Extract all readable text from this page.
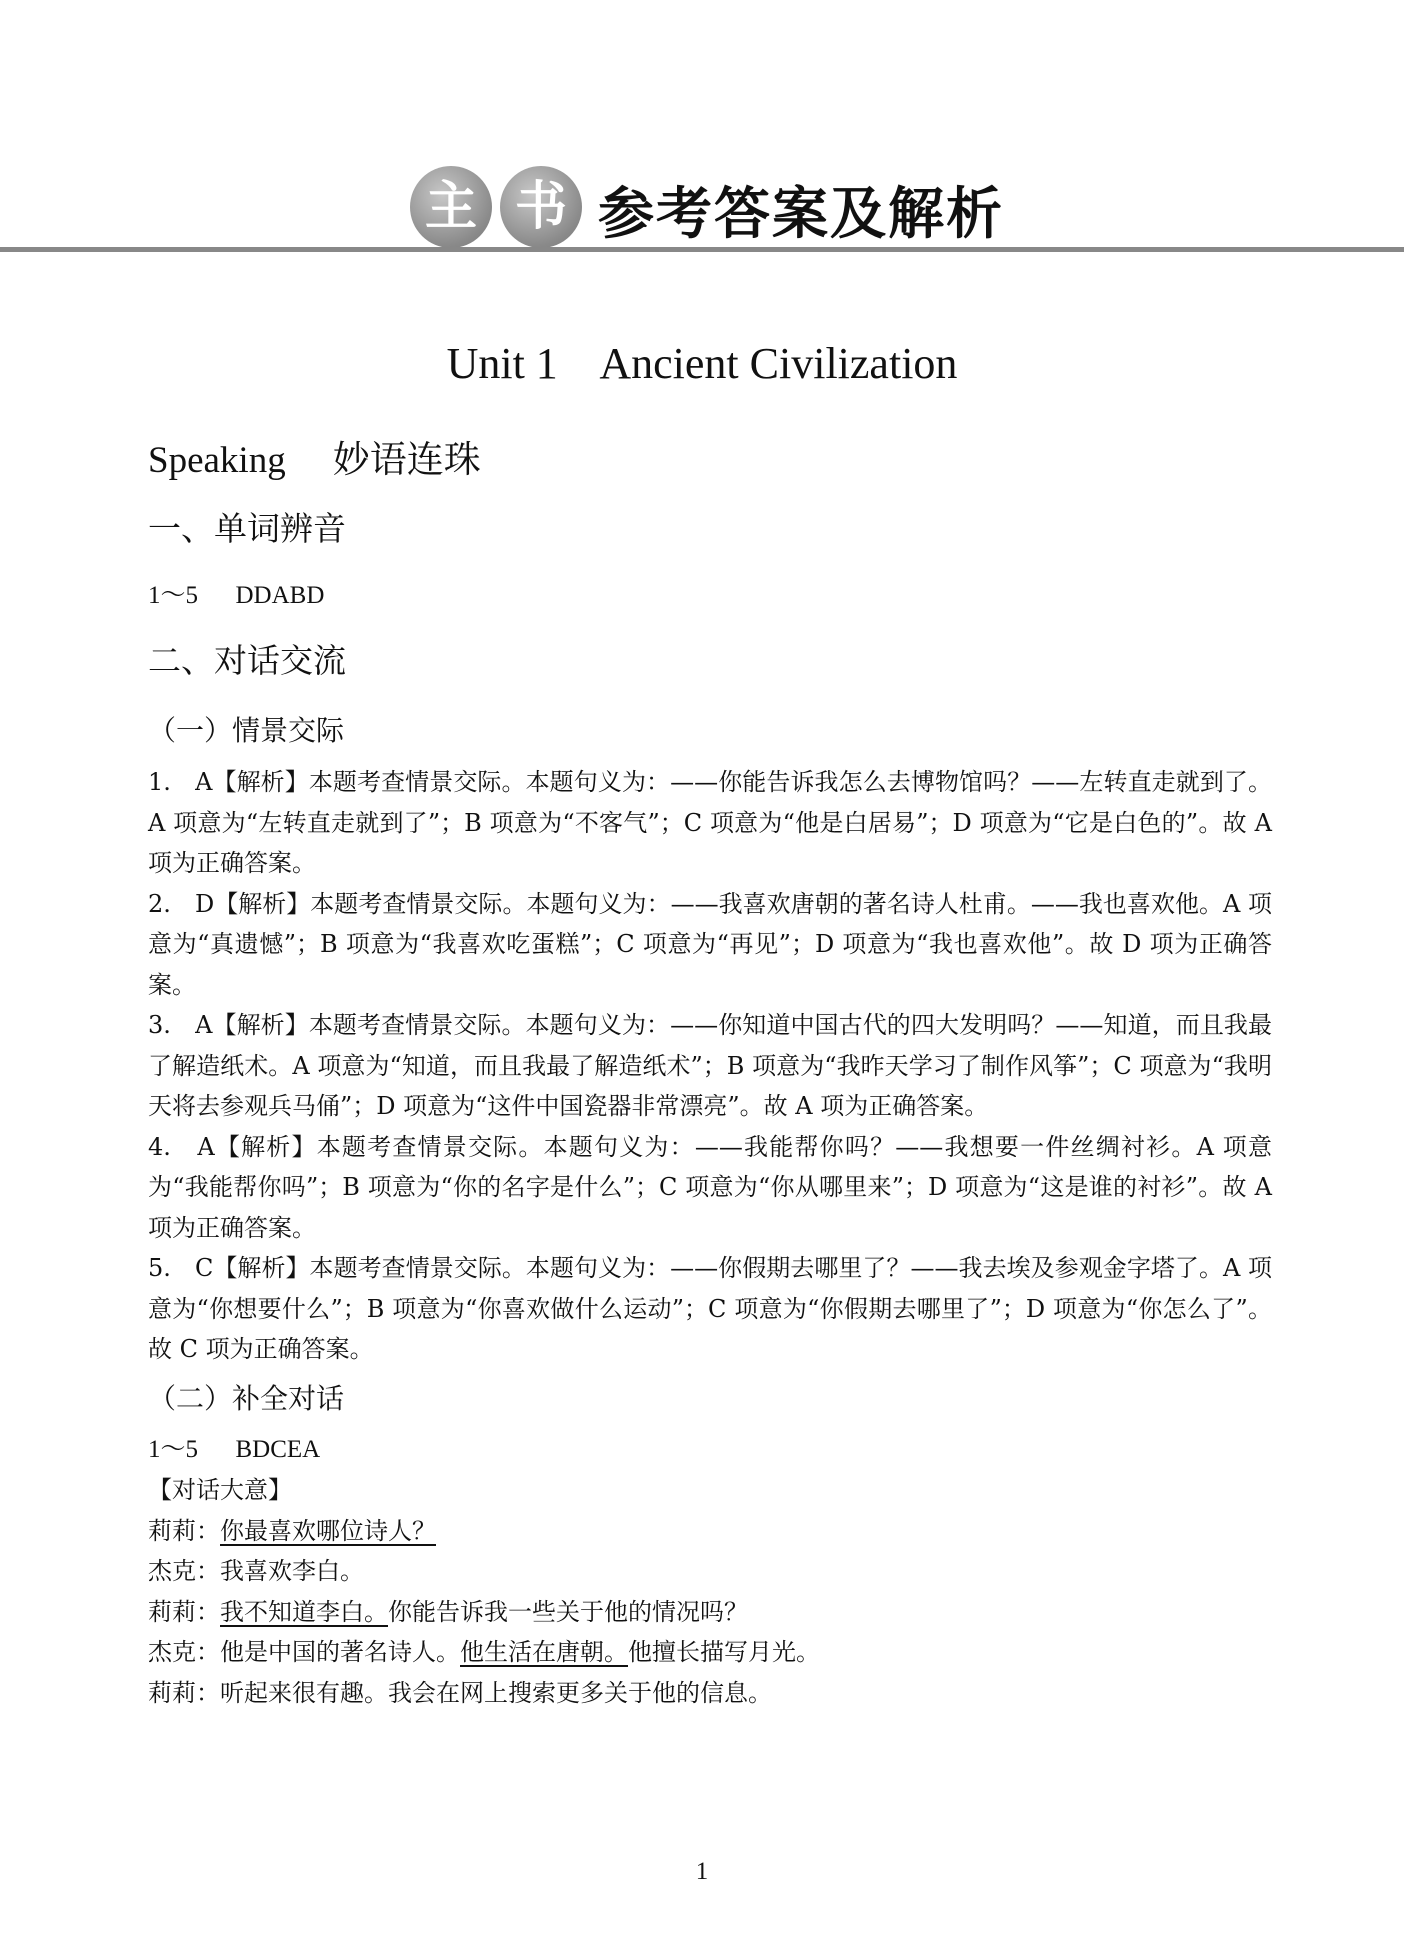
主 书 参考答案及解析
Unit 1    Ancient Civilization
Speaking 妙语连珠
一、单词辨音
1～5      DDABD
二、对话交流
（一）情景交际

1.　A【解析】本题考查情景交际。本题句义为：——你能告诉我怎么去博物馆吗？——左转直走就到了。A 项意为“左转直走就到了”；B 项意为“不客气”；C 项意为“他是白居易”；D 项意为“它是白色的”。故 A 项为正确答案。

2.　D【解析】本题考查情景交际。本题句义为：——我喜欢唐朝的著名诗人杜甫。——我也喜欢他。A 项意为“真遗憾”；B 项意为“我喜欢吃蛋糕”；C 项意为“再见”；D 项意为“我也喜欢他”。故 D 项为正确答案。

3.　A【解析】本题考查情景交际。本题句义为：——你知道中国古代的四大发明吗？——知道，而且我最了解造纸术。A 项意为“知道，而且我最了解造纸术”；B 项意为“我昨天学习了制作风筝”；C 项意为“我明天将去参观兵马俑”；D 项意为“这件中国瓷器非常漂亮”。故 A 项为正确答案。

4.　A【解析】本题考查情景交际。本题句义为：——我能帮你吗？——我想要一件丝绸衬衫。A 项意为“我能帮你吗”；B 项意为“你的名字是什么”；C 项意为“你从哪里来”；D 项意为“这是谁的衬衫”。故 A 项为正确答案。

5.　C【解析】本题考查情景交际。本题句义为：——你假期去哪里了？——我去埃及参观金字塔了。A 项意为“你想要什么”；B 项意为“你喜欢做什么运动”；C 项意为“你假期去哪里了”；D 项意为“你怎么了”。故 C 项为正确答案。

（二）补全对话
1～5      BDCEA
【对话大意】
莉莉：你最喜欢哪位诗人？
杰克：我喜欢李白。
莉莉：我不知道李白。你能告诉我一些关于他的情况吗？
杰克：他是中国的著名诗人。他生活在唐朝。他擅长描写月光。
莉莉：听起来很有趣。我会在网上搜索更多关于他的信息。
1
